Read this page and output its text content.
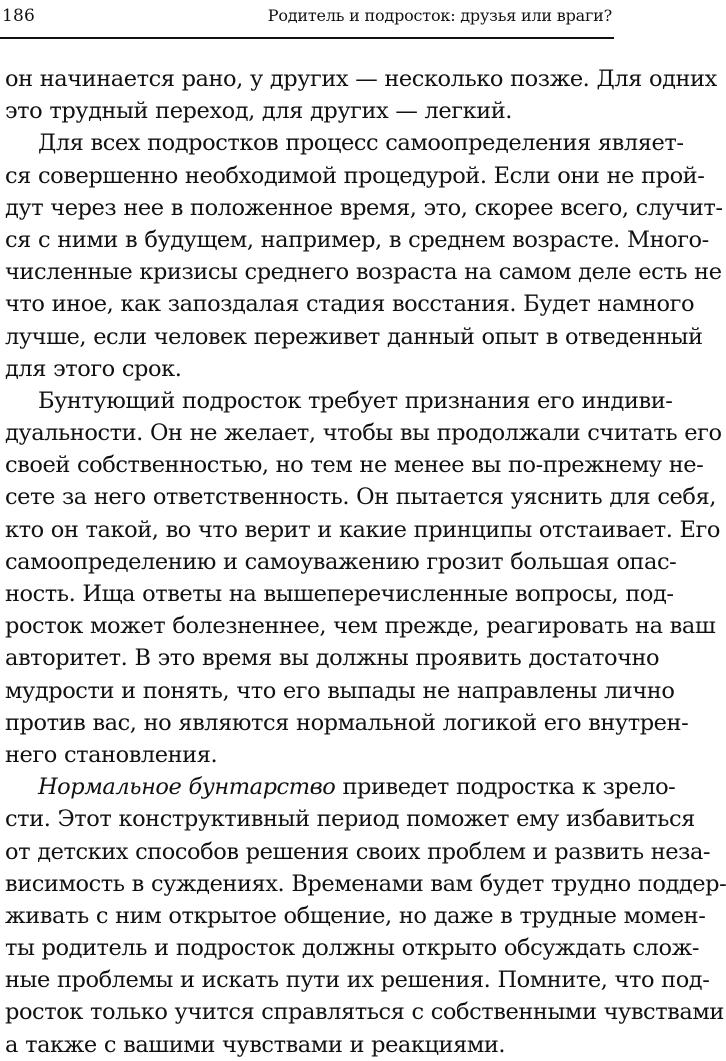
186	Родитель и подросток: друзья или враги?
он начинается рано, у других — несколько позже. Для одних
это трудный переход, для других — легкий.
Для всех подростков процесс самоопределения являет-
ся совершенно необходимой процедурой. Если они не прой-
дут через нее в положенное время, это, скорее всего, случит-
ся с ними в будущем, например, в среднем возрасте. Много-
численные кризисы среднего возраста на самом деле есть не
что иное, как запоздалая стадия восстания. Будет намного
лучше, если человек переживет данный опыт в отведенный
для этого срок.
Бунтующий подросток требует признания его индиви-
дуальности. Он не желает, чтобы вы продолжали считать его
своей собственностью, но тем не менее вы по-прежнему не-
сете за него ответственность. Он пытается уяснить для себя,
кто он такой, во что верит и какие принципы отстаивает. Его
самоопределению и самоуважению грозит большая опас-
ность. Ища ответы на вышеперечисленные вопросы, под-
росток может болезненнее, чем прежде, реагировать на ваш
авторитет. В это время вы должны проявить достаточно
мудрости и понять, что его выпады не направлены лично
против вас, но являются нормальной логикой его внутрен-
него становления.
Нормальное бунтарство приведет подростка к зрело-
сти. Этот конструктивный период поможет ему избавиться
от детских способов решения своих проблем и развить неза-
висимость в суждениях. Временами вам будет трудно поддер-
живать с ним открытое общение, но даже в трудные момен-
ты родитель и подросток должны открыто обсуждать слож-
ные проблемы и искать пути их решения. Помните, что под-
росток только учится справляться с собственными чувствами
а также с вашими чувствами и реакциями.
